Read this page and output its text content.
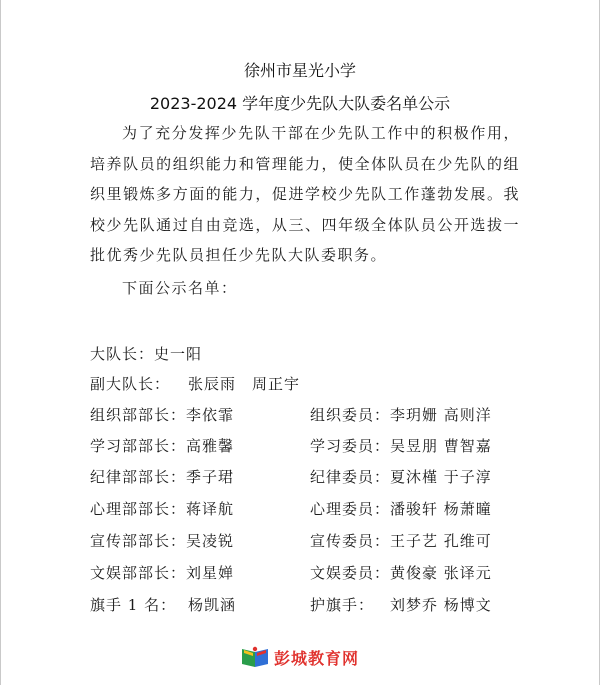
徐州市星光小学
2023-2024 学年度少先队大队委名单公示

为了充分发挥少先队干部在少先队工作中的积极作用，培养队员的组织能力和管理能力，使全体队员在少先队的组织里锻炼多方面的能力，促进学校少先队工作蓬勃发展。我校少先队通过自由竞选，从三、四年级全体队员公开选拔一批优秀少先队员担任少先队大队委职务。

下面公示名单：
大队长：史一阳
副大队长： 张辰雨　周正宇
组织部部长：李依霏
学习部部长：高雅馨
纪律部部长：季子珺
心理部部长：蒋译航
宣传部部长：吴凌锐
文娱部部长：刘星婵
旗手 1 名： 杨凯涵
组织委员：李玥姗 高则洋
学习委员：吴昱朋 曹智嘉
纪律委员：夏沐槿 于子淳
心理委员：潘骏轩 杨萧曈
宣传委员：王子艺 孔维可
文娱委员：黄俊豪 张译元
护旗手： 刘梦乔 杨博文
彭城教育网
